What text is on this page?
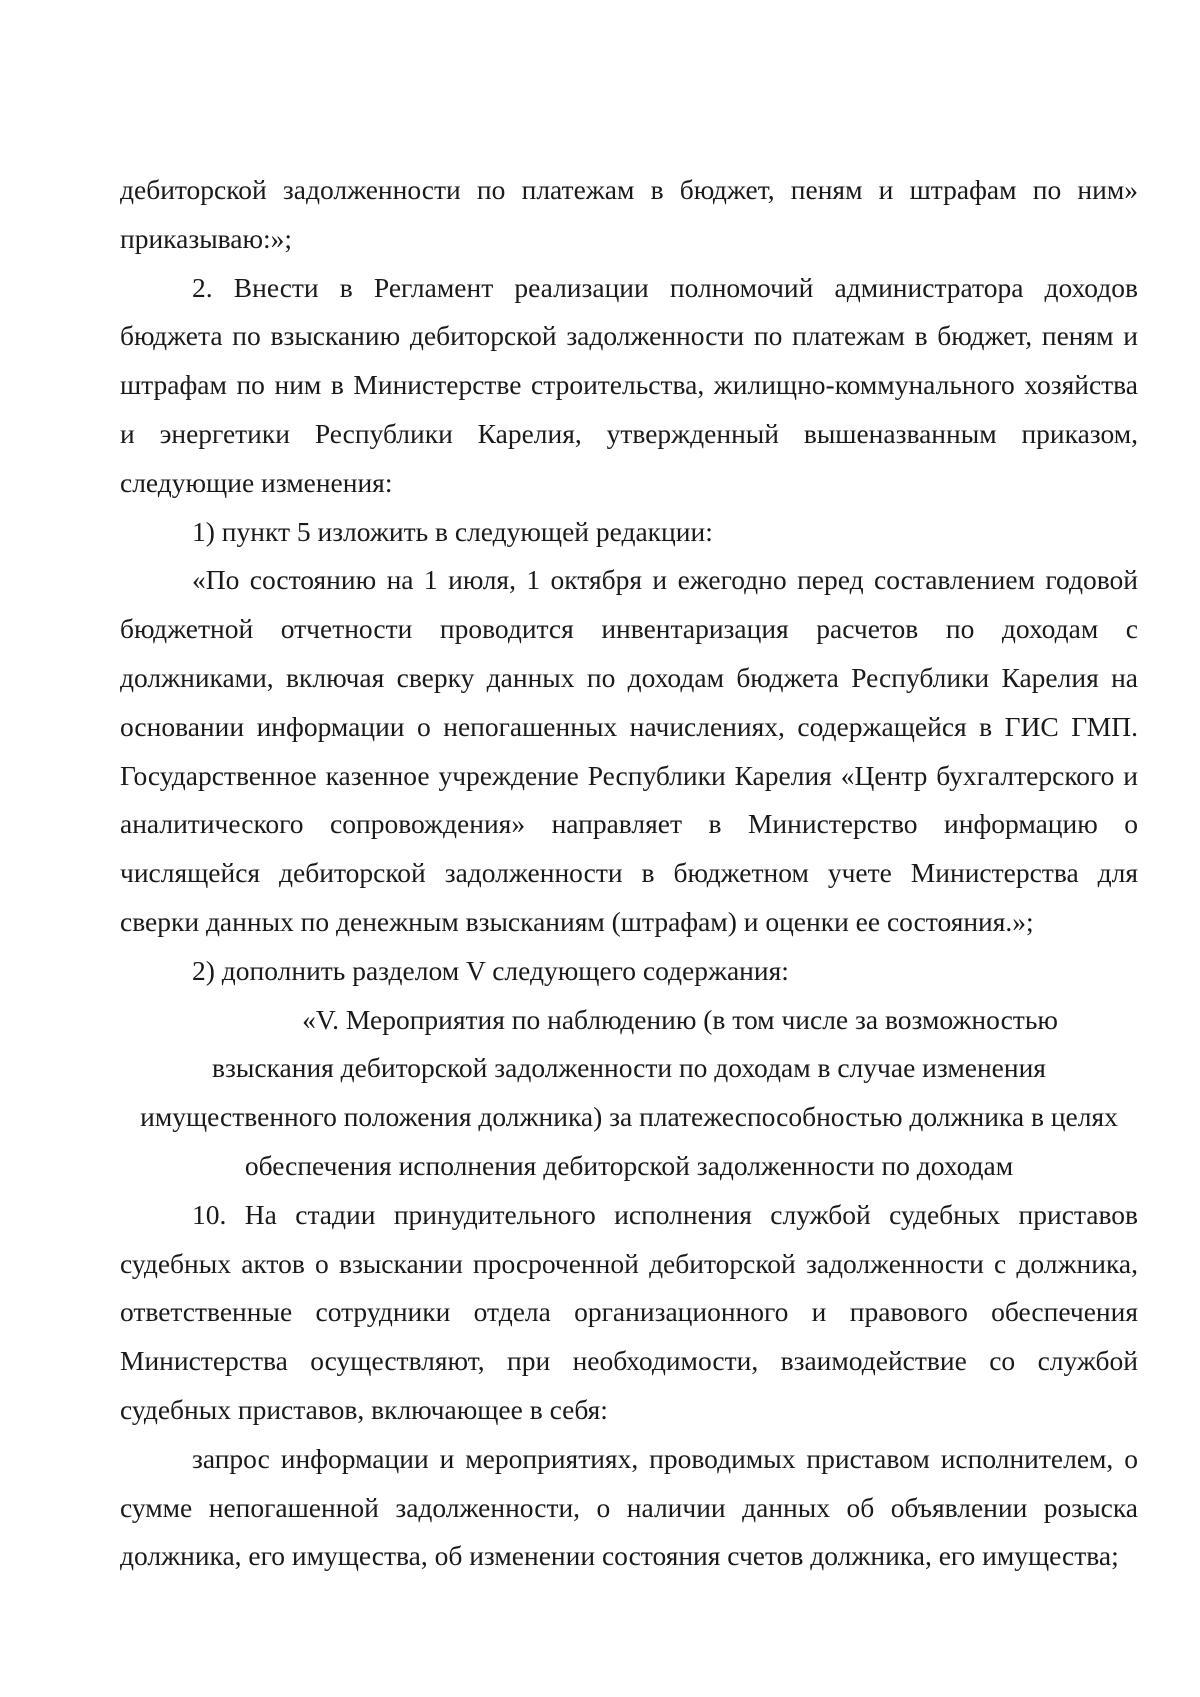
дебиторской задолженности по платежам в бюджет, пеням и штрафам по ним» приказываю:»;

2. Внести в Регламент реализации полномочий администратора доходов бюджета по взысканию дебиторской задолженности по платежам в бюджет, пеням и штрафам по ним в Министерстве строительства, жилищно-коммунального хозяйства и энергетики Республики Карелия, утвержденный вышеназванным приказом, следующие изменения:

1) пункт 5 изложить в следующей редакции:

«По состоянию на 1 июля, 1 октября и ежегодно перед составлением годовой бюджетной отчетности проводится инвентаризация расчетов по доходам с должниками, включая сверку данных по доходам бюджета Республики Карелия на основании информации о непогашенных начислениях, содержащейся в ГИС ГМП. Государственное казенное учреждение Республики Карелия «Центр бухгалтерского и аналитического сопровождения» направляет в Министерство информацию о числящейся дебиторской задолженности в бюджетном учете Министерства для сверки данных по денежным взысканиям (штрафам) и оценки ее состояния.»;

2) дополнить разделом V следующего содержания:

«V. Мероприятия по наблюдению (в том числе за возможностью
взыскания дебиторской задолженности по доходам в случае изменения
имущественного положения должника) за платежеспособностью должника в целях
обеспечения исполнения дебиторской задолженности по доходам

10. На стадии принудительного исполнения службой судебных приставов судебных актов о взыскании просроченной дебиторской задолженности с должника, ответственные сотрудники отдела организационного и правового обеспечения Министерства осуществляют, при необходимости, взаимодействие со службой судебных приставов, включающее в себя:

запрос информации и мероприятиях, проводимых приставом исполнителем, о сумме непогашенной задолженности, о наличии данных об объявлении розыска должника, его имущества, об изменении состояния счетов должника, его имущества;
